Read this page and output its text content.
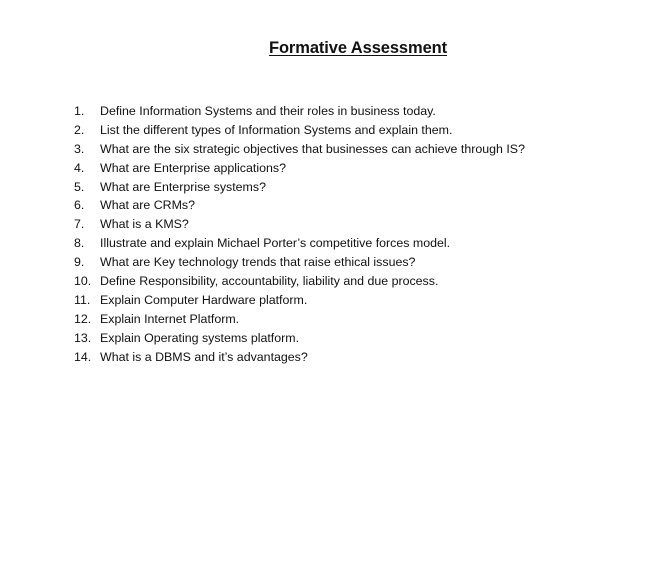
Formative Assessment
1.	Define Information Systems and their roles in business today.
2.	List the different types of Information Systems and explain them.
3.	What are the six strategic objectives that businesses can achieve through IS?
4.	What are Enterprise applications?
5.	What are Enterprise systems?
6.	What are CRMs?
7.	What is a KMS?
8.	Illustrate and explain Michael Porter’s competitive forces model.
9.	What are Key technology trends that raise ethical issues?
10. Define Responsibility, accountability, liability and due process.
11. Explain Computer Hardware platform.
12. Explain Internet Platform.
13. Explain Operating systems platform.
14. What is a DBMS and it’s advantages?
